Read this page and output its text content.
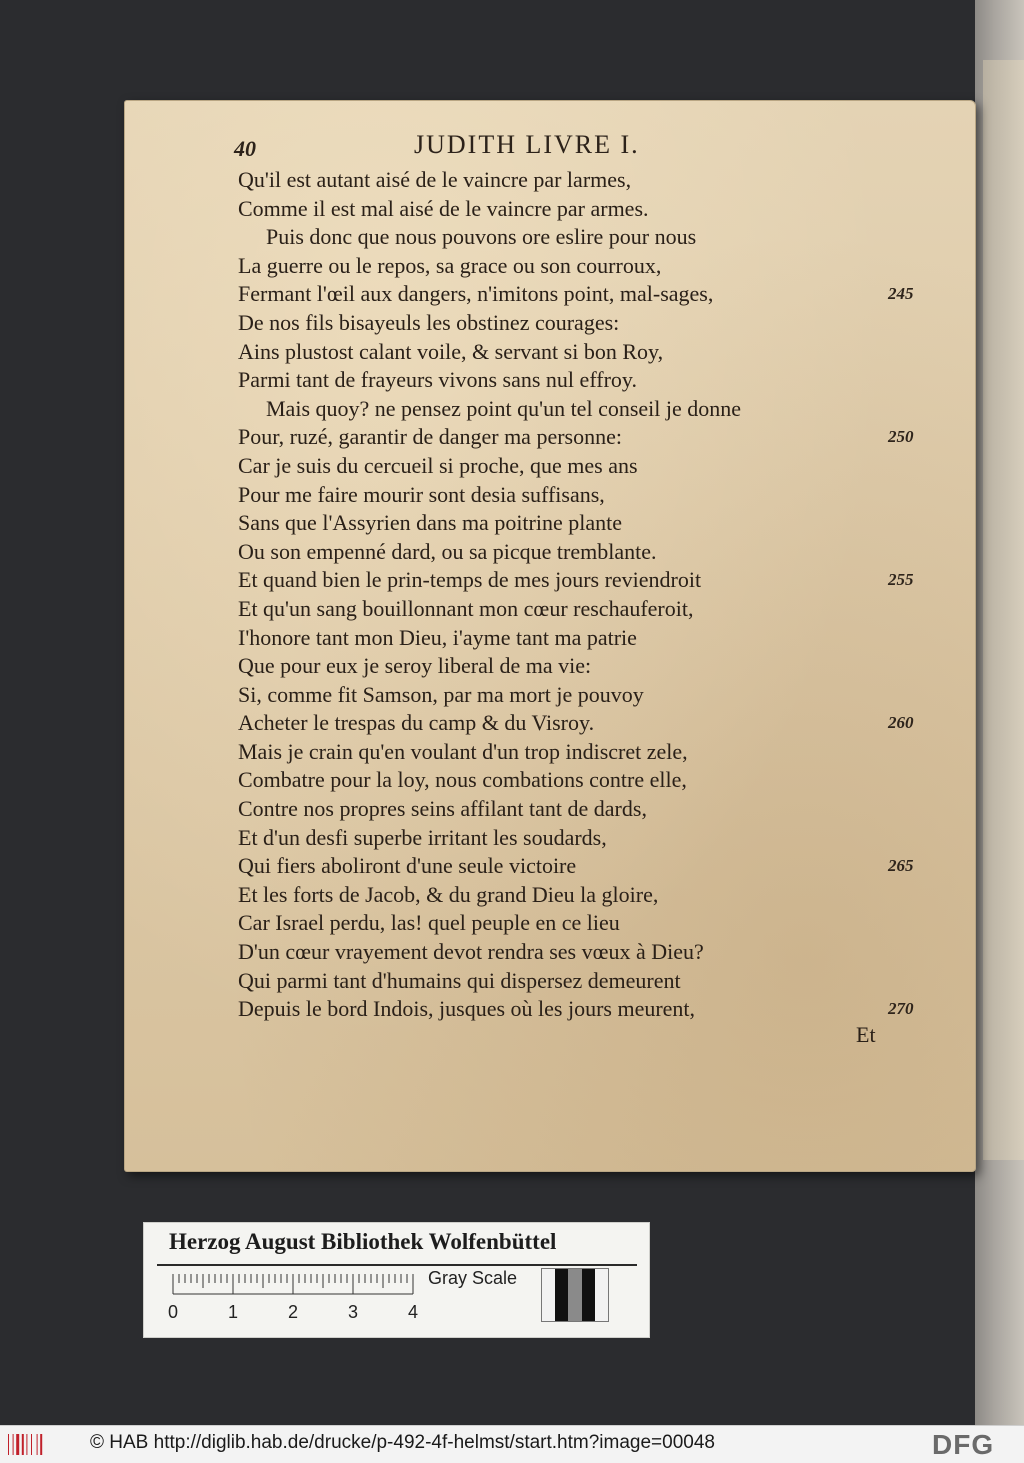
40	JUDITH LIVRE I.
Qu'il est autant aisé de le vaincre par larmes,
Comme il est mal aisé de le vaincre par armes.
Puis donc que nous pouvons ore eslire pour nous
La guerre ou le repos, sa grace ou son courroux,
Fermant l'œil aux dangers, n'imitons point, mal-sages,	245
De nos fils bisayeuls les obstinez courages:
Ains plustost calant voile, & servant si bon Roy,
Parmi tant de frayeurs vivons sans nul effroy.
Mais quoy? ne pensez point qu'un tel conseil je donne
Pour, ruzé, garantir de danger ma personne:	250
Car je suis du cercueil si proche, que mes ans
Pour me faire mourir sont desia suffisans,
Sans que l'Assyrien dans ma poitrine plante
Ou son empenné dard, ou sa picque tremblante.
Et quand bien le prin-temps de mes jours reviendroit	255
Et qu'un sang bouillonnant mon cœur reschauferoit,
I'honore tant mon Dieu, i'ayme tant ma patrie
Que pour eux je seroy liberal de ma vie:
Si, comme fit Samson, par ma mort je pouvoy
Acheter le trespas du camp & du Visroy.	260
Mais je crain qu'en voulant d'un trop indiscret zele,
Combatre pour la loy, nous combations contre elle,
Contre nos propres seins affilant tant de dards,
Et d'un desfi superbe irritant les soudards,
Qui fiers aboliront d'une seule victoire	265
Et les forts de Jacob, & du grand Dieu la gloire,
Car Israel perdu, las! quel peuple en ce lieu
D'un cœur vrayement devot rendra ses vœux à Dieu?
Qui parmi tant d'humains qui dispersez demeurent
Depuis le bord Indois, jusques où les jours meurent,	270
Et
Herzog August Bibliothek Wolfenbüttel
0	1	2	3	4
Gray Scale
© HAB http://diglib.hab.de/drucke/p-492-4f-helmst/start.htm?image=00048	DFG
